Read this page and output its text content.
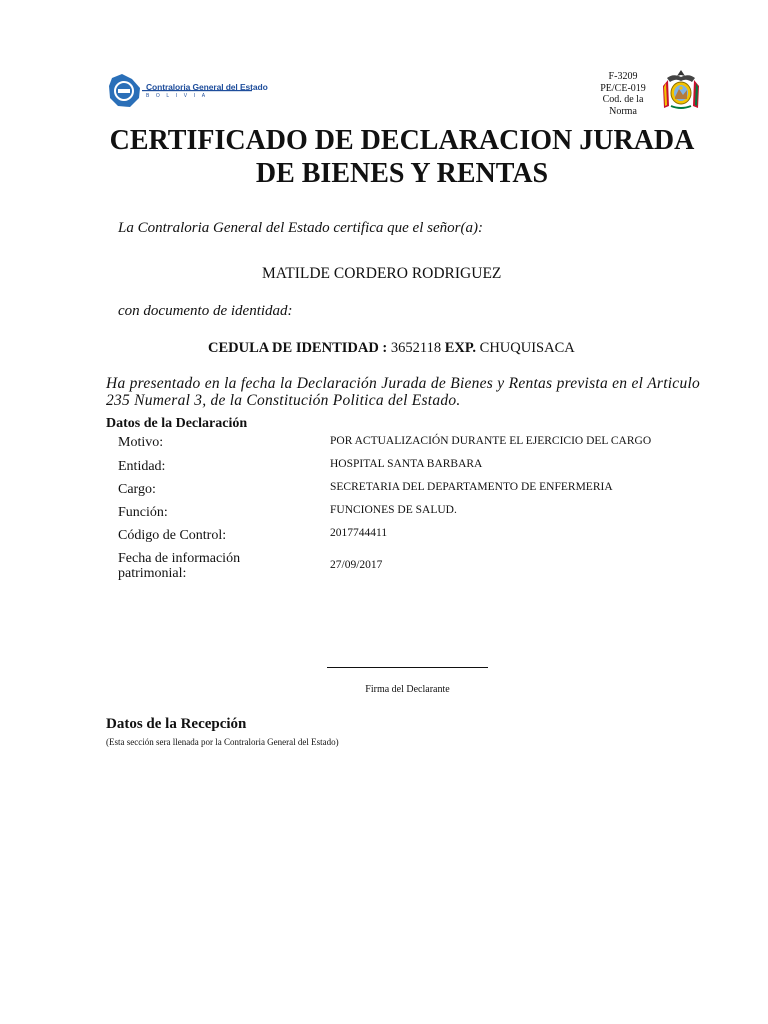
Contraloria General del Estado
BOLIVIA
F-3209
PE/CE-019
Cod. de la
Norma
CERTIFICADO DE DECLARACION JURADA
DE BIENES Y RENTAS
La Contraloria General del Estado certifica que el señor(a):
MATILDE CORDERO RODRIGUEZ
con documento de identidad:
CEDULA DE IDENTIDAD : 3652118 EXP. CHUQUISACA
Ha presentado en la fecha la Declaración Jurada de Bienes y Rentas prevista en el Articulo 235 Numeral 3, de la Constitución Politica del Estado.
Datos de la Declaración
Motivo:	POR ACTUALIZACIÓN DURANTE EL EJERCICIO DEL CARGO
Entidad:	HOSPITAL SANTA BARBARA
Cargo:	SECRETARIA DEL DEPARTAMENTO DE ENFERMERIA
Función:	FUNCIONES DE SALUD.
Código de Control:	2017744411
Fecha de información patrimonial:
27/09/2017
Firma del Declarante
Datos de la Recepción
(Esta sección sera llenada por la Contraloria General del Estado)
